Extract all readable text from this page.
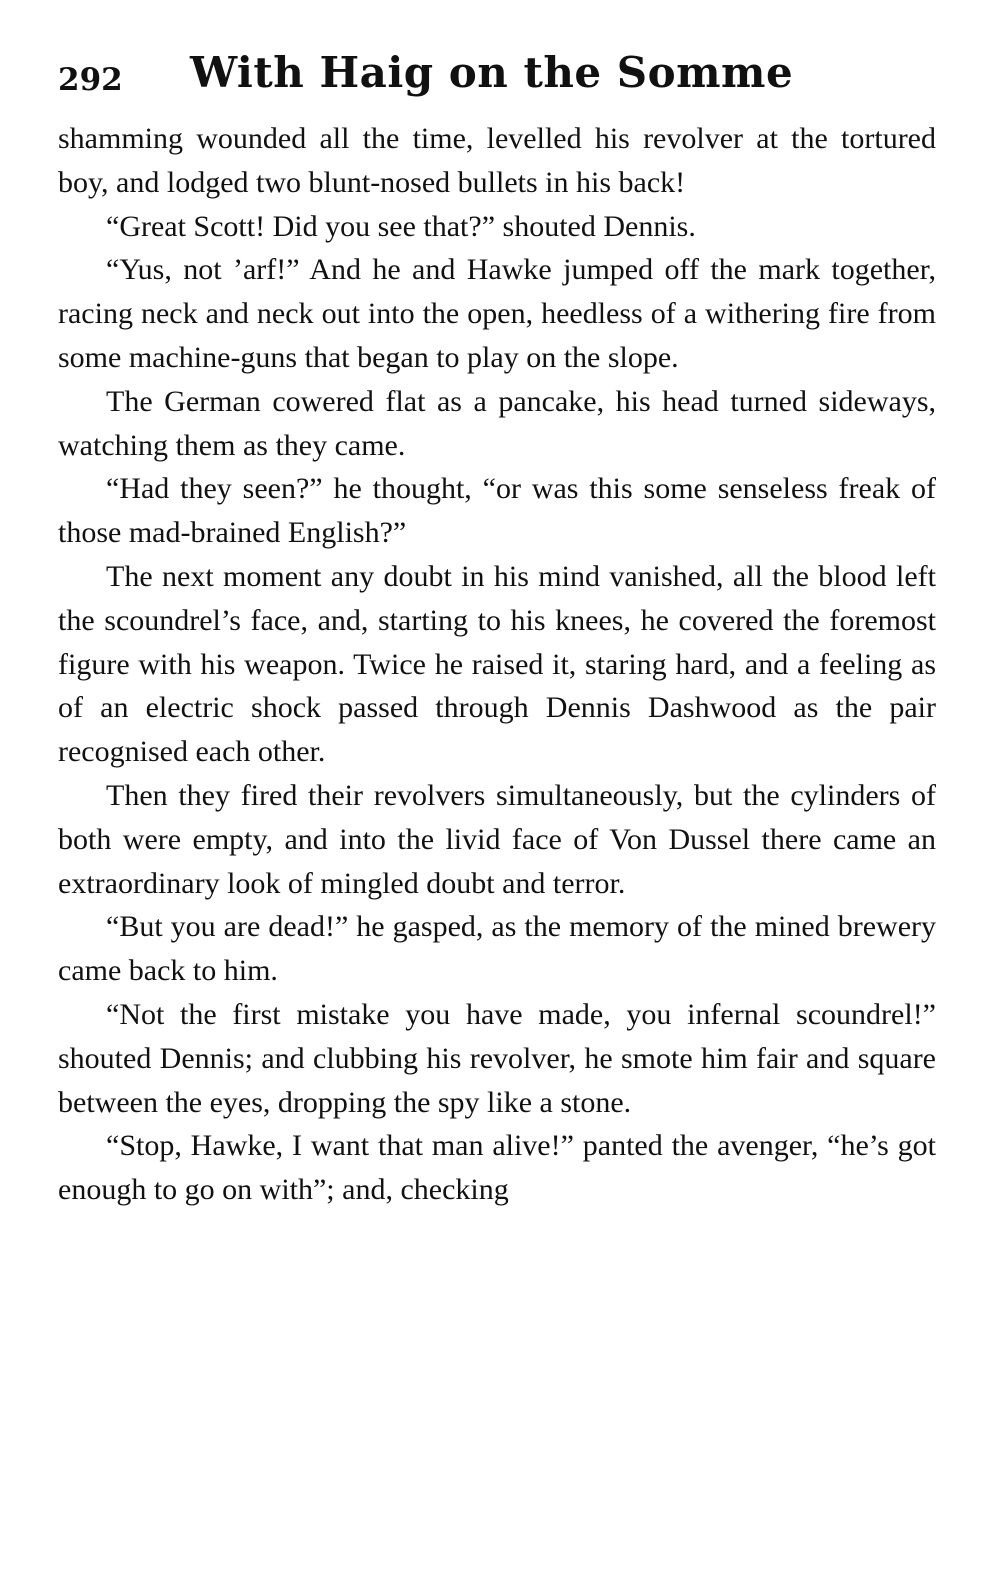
292 With Haig on the Somme

shamming wounded all the time, levelled his revolver at the tortured boy, and lodged two blunt-nosed bullets in his back!

“Great Scott! Did you see that?” shouted Dennis.

“Yus, not ’arf!” And he and Hawke jumped off the mark together, racing neck and neck out into the open, heedless of a withering fire from some machine-guns that began to play on the slope.

The German cowered flat as a pancake, his head turned sideways, watching them as they came.

“Had they seen?” he thought, “or was this some senseless freak of those mad-brained English?”

The next moment any doubt in his mind vanished, all the blood left the scoundrel’s face, and, starting to his knees, he covered the foremost figure with his weapon. Twice he raised it, staring hard, and a feeling as of an electric shock passed through Dennis Dashwood as the pair recognised each other.

Then they fired their revolvers simultaneously, but the cylinders of both were empty, and into the livid face of Von Dussel there came an extraordinary look of mingled doubt and terror.

“But you are dead!” he gasped, as the memory of the mined brewery came back to him.

“Not the first mistake you have made, you infernal scoundrel!” shouted Dennis; and clubbing his revolver, he smote him fair and square between the eyes, dropping the spy like a stone.

“Stop, Hawke, I want that man alive!” panted the avenger, “he’s got enough to go on with”; and, checking
